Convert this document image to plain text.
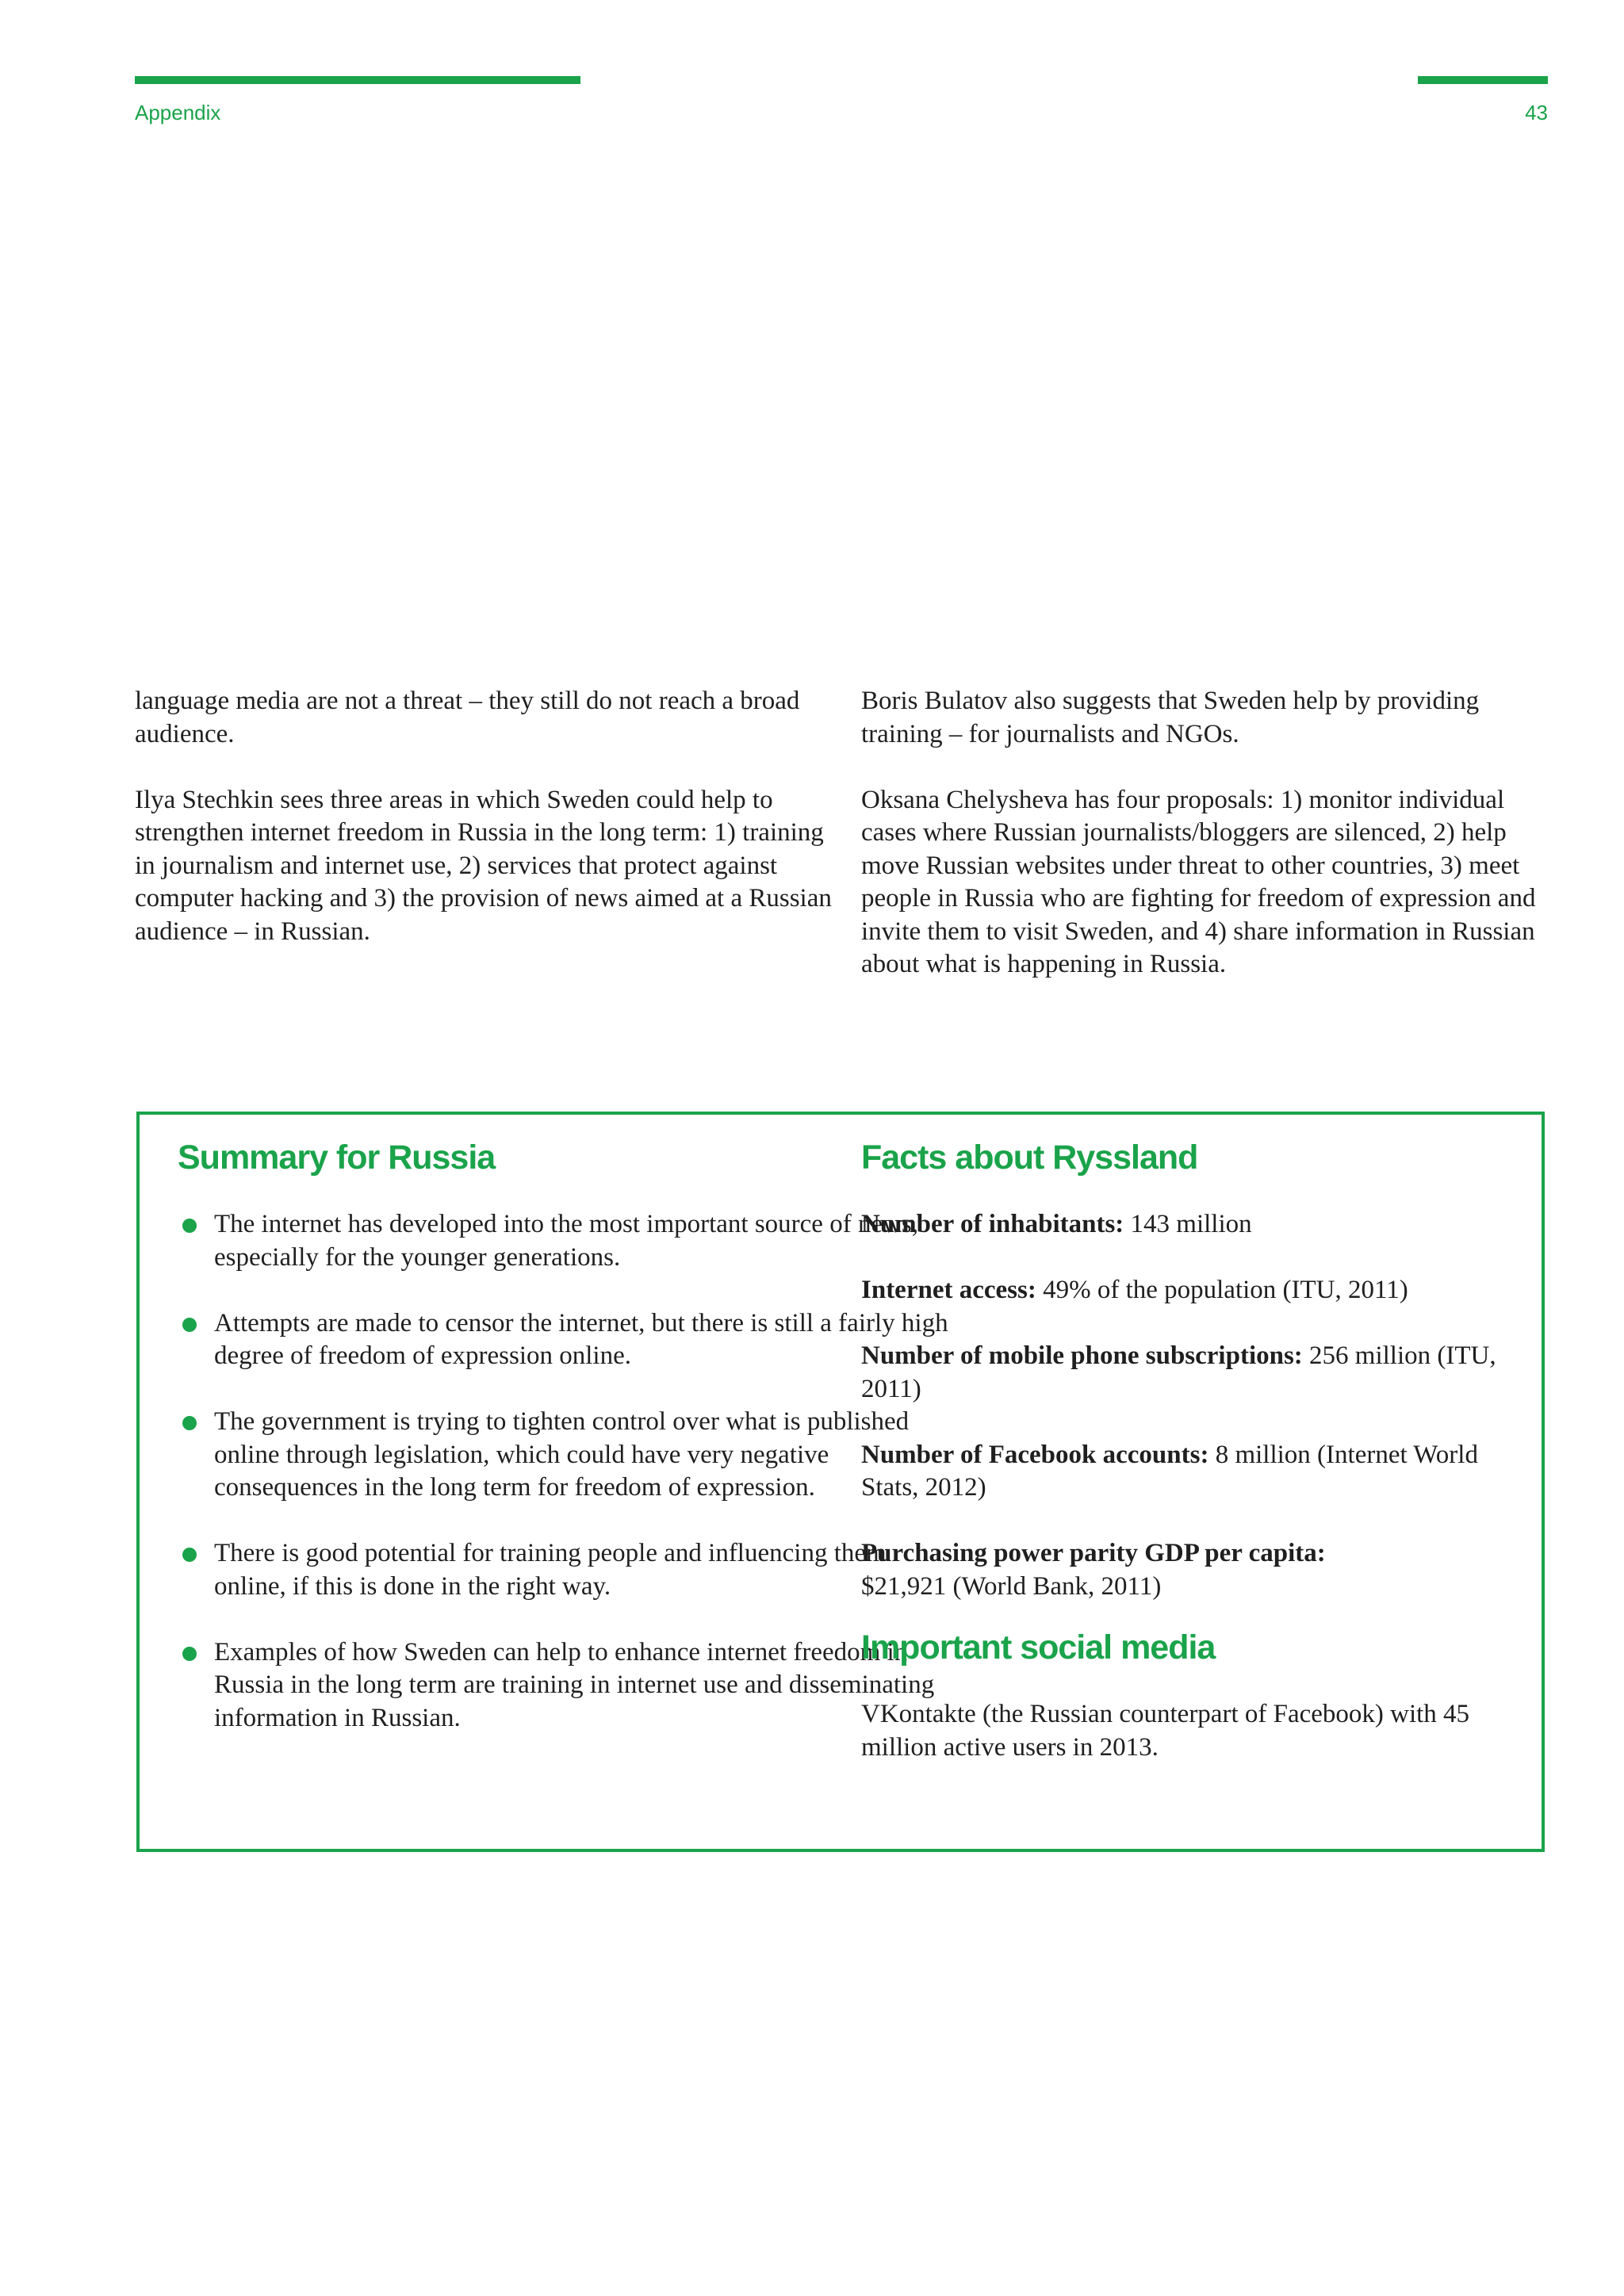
Appendix	43

language media are not a threat – they still do not reach a broad audience.

Ilya Stechkin sees three areas in which Sweden could help to strengthen internet freedom in Russia in the long term: 1) training in journalism and internet use, 2) services that protect against computer hacking and 3) the provision of news aimed at a Russian audience – in Russian.

Boris Bulatov also suggests that Sweden help by providing training – for journalists and NGOs.

Oksana Chelysheva has four proposals: 1) monitor individual cases where Russian journalists/bloggers are silenced, 2) help move Russian websites under threat to other countries, 3) meet people in Russia who are fighting for freedom of expression and invite them to visit Sweden, and 4) share information in Russian about what is happening in Russia.

Summary for Russia
The internet has developed into the most important source of news, especially for the younger generations.
Attempts are made to censor the internet, but there is still a fairly high degree of freedom of expression online.
The government is trying to tighten control over what is published online through legislation, which could have very negative consequences in the long term for freedom of expression.
There is good potential for training people and influencing them online, if this is done in the right way.
Examples of how Sweden can help to enhance internet freedom in Russia in the long term are training in internet use and disseminating information in Russian.
Facts about Ryssland

Number of inhabitants: 143 million

Internet access: 49% of the population (ITU, 2011)

Number of mobile phone subscriptions: 256 million (ITU, 2011)

Number of Facebook accounts: 8 million (Internet World Stats, 2012)

Purchasing power parity GDP per capita:
$21,921 (World Bank, 2011)

Important social media

VKontakte (the Russian counterpart of Facebook) with 45 million active users in 2013.
